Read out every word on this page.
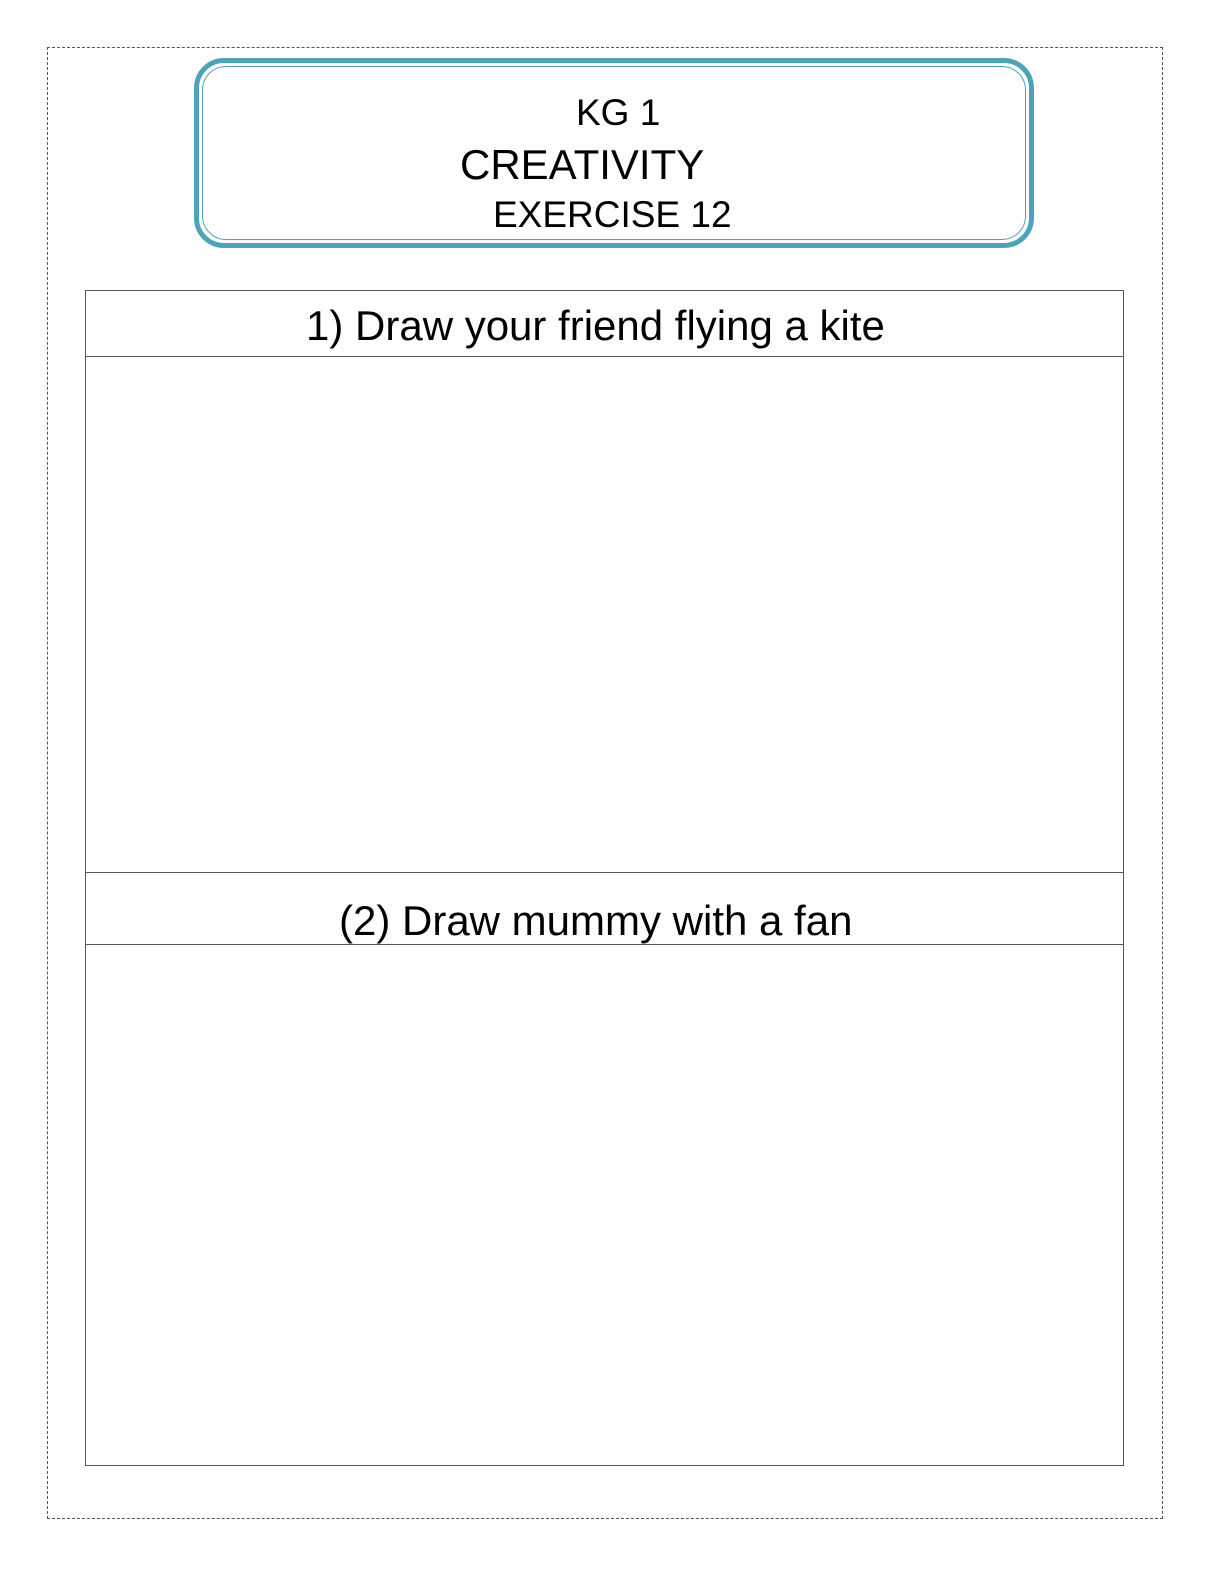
KG 1
CREATIVITY
EXERCISE 12
1) Draw your friend flying a kite
(2) Draw mummy with a fan
